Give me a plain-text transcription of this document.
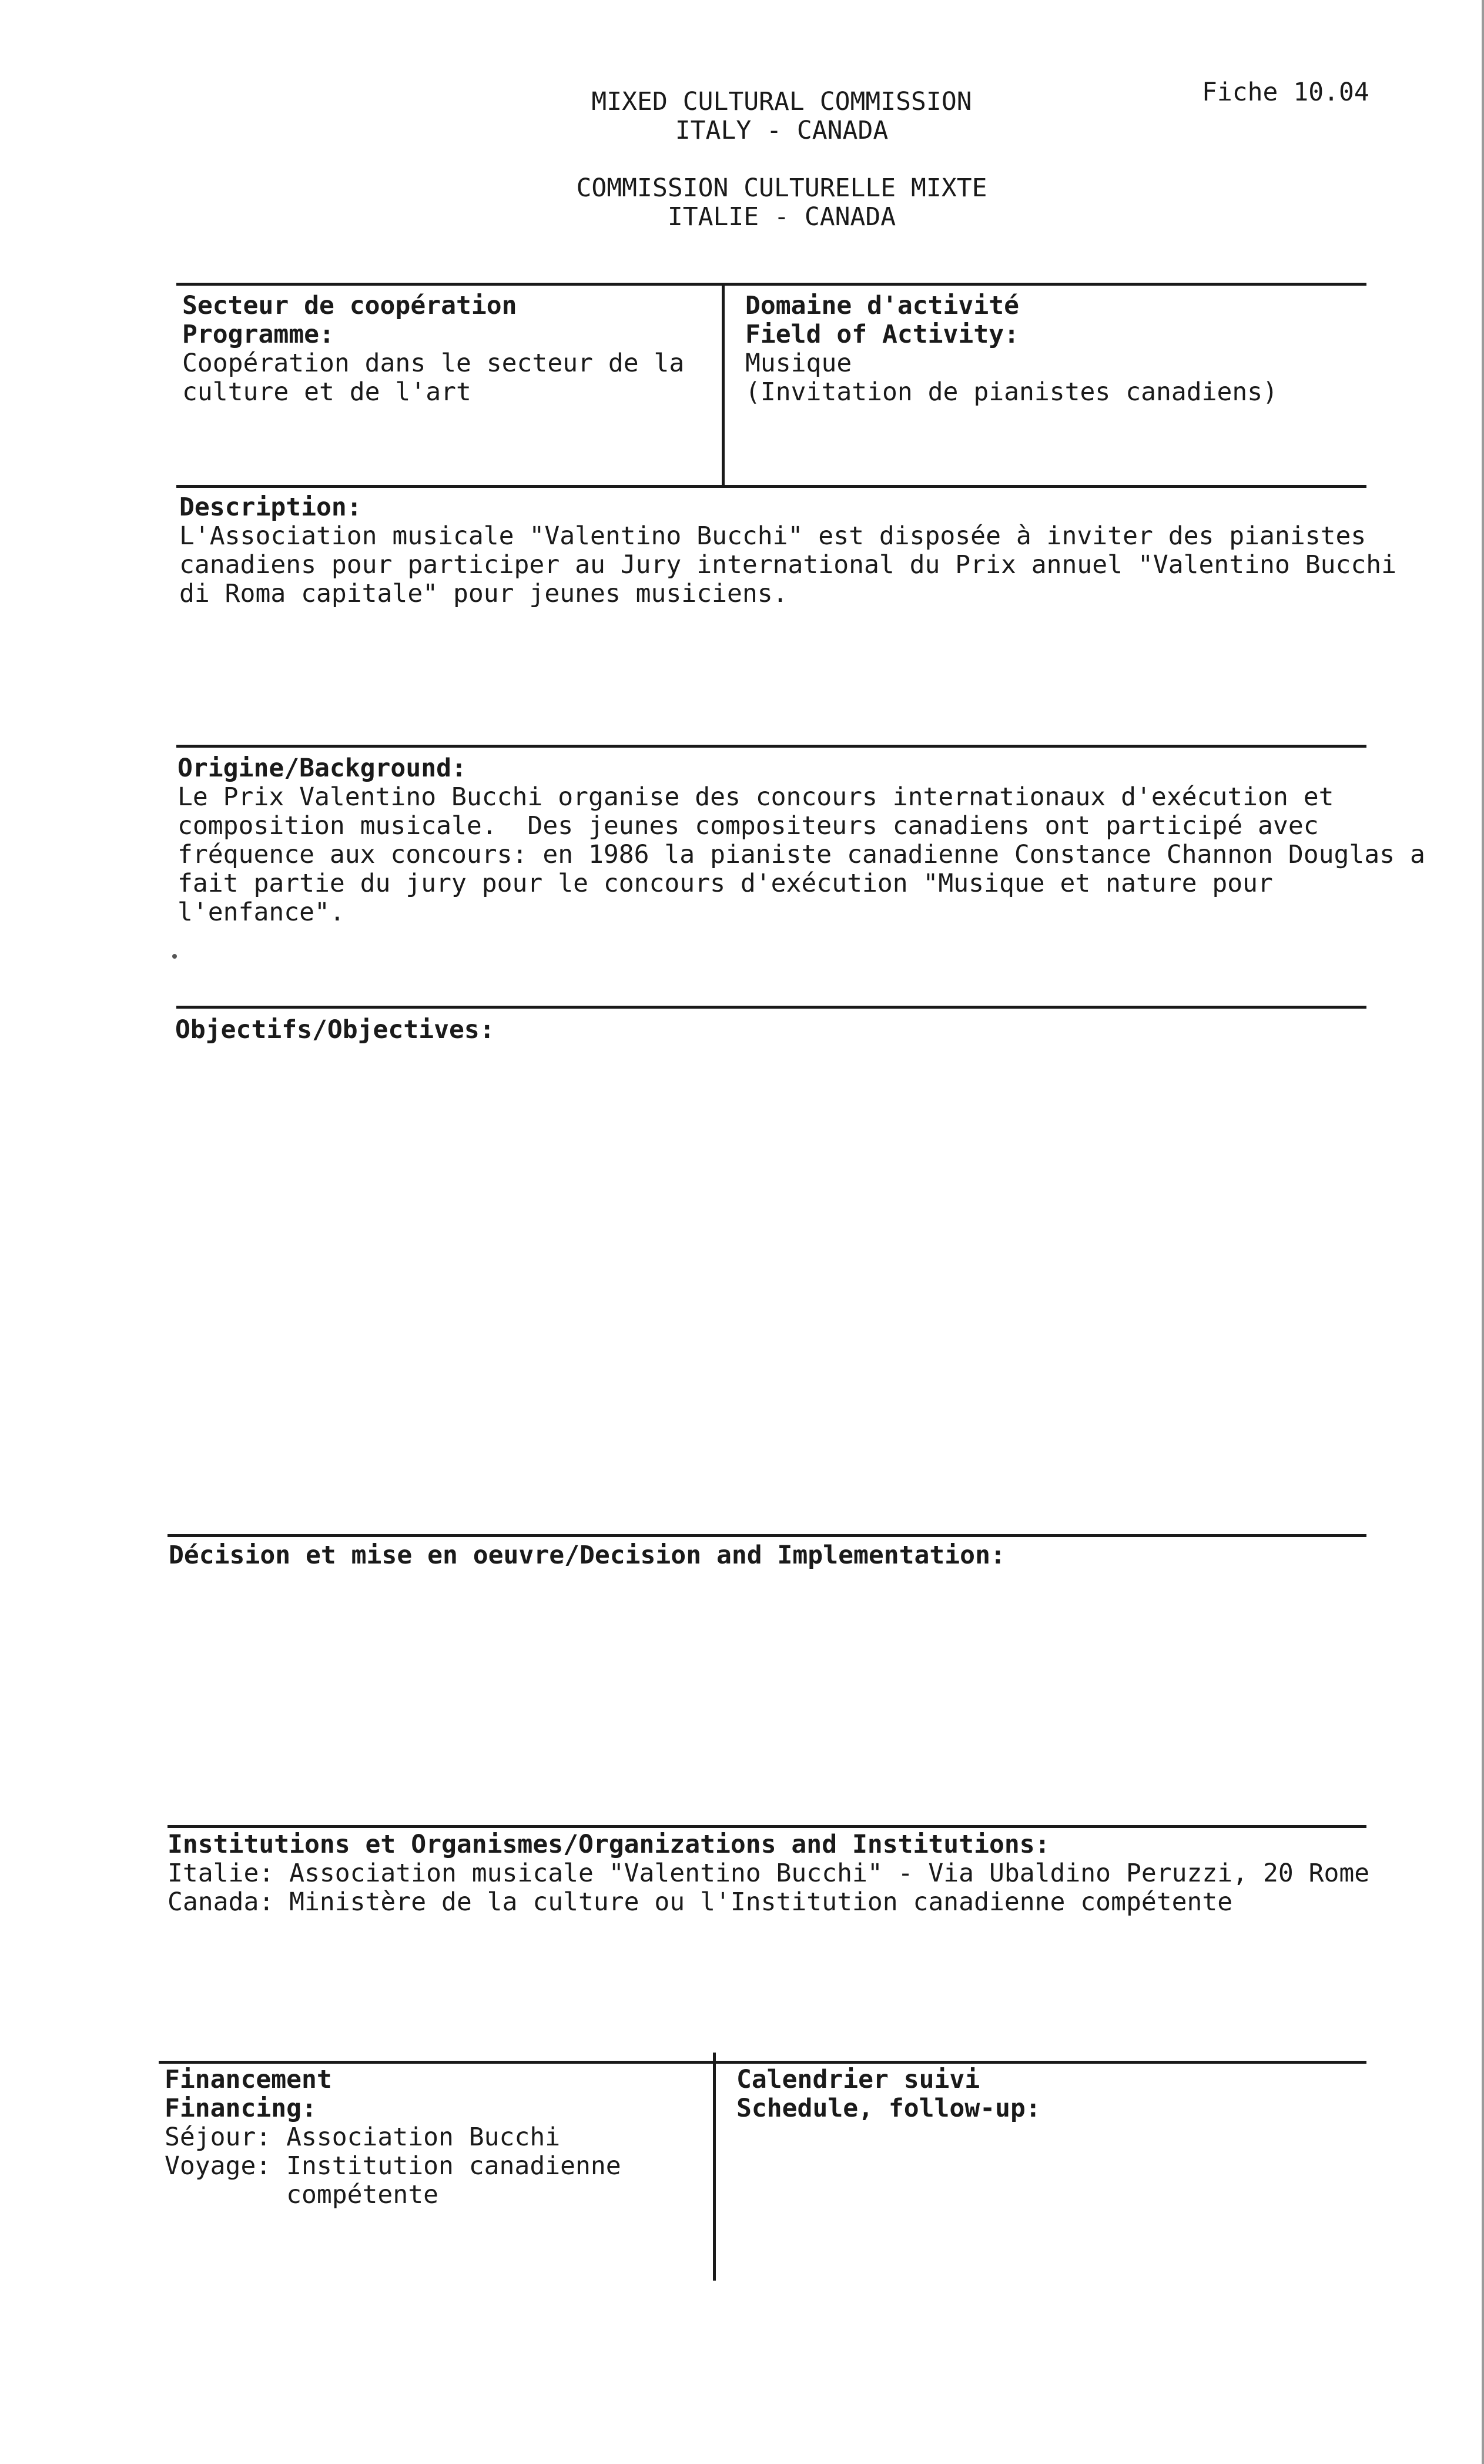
Fiche 10.04
MIXED CULTURAL COMMISSION
ITALY - CANADA
COMMISSION CULTURELLE MIXTE
ITALIE - CANADA
Secteur de coopération
Programme:
Coopération dans le secteur de la
culture et de l'art
Domaine d'activité
Field of Activity:
Musique
(Invitation de pianistes canadiens)
Description:
L'Association musicale "Valentino Bucchi" est disposée à inviter des pianistes
canadiens pour participer au Jury international du Prix annuel "Valentino Bucchi
di Roma capitale" pour jeunes musiciens.
Origine/Background:
Le Prix Valentino Bucchi organise des concours internationaux d'exécution et
composition musicale.  Des jeunes compositeurs canadiens ont participé avec
fréquence aux concours: en 1986 la pianiste canadienne Constance Channon Douglas a
fait partie du jury pour le concours d'exécution "Musique et nature pour
l'enfance".
Objectifs/Objectives:
Décision et mise en oeuvre/Decision and Implementation:
Institutions et Organismes/Organizations and Institutions:
Italie: Association musicale "Valentino Bucchi" - Via Ubaldino Peruzzi, 20 Rome
Canada: Ministère de la culture ou l'Institution canadienne compétente
Financement
Financing:
Séjour: Association Bucchi
Voyage: Institution canadienne
compétente
Calendrier suivi
Schedule, follow-up:
